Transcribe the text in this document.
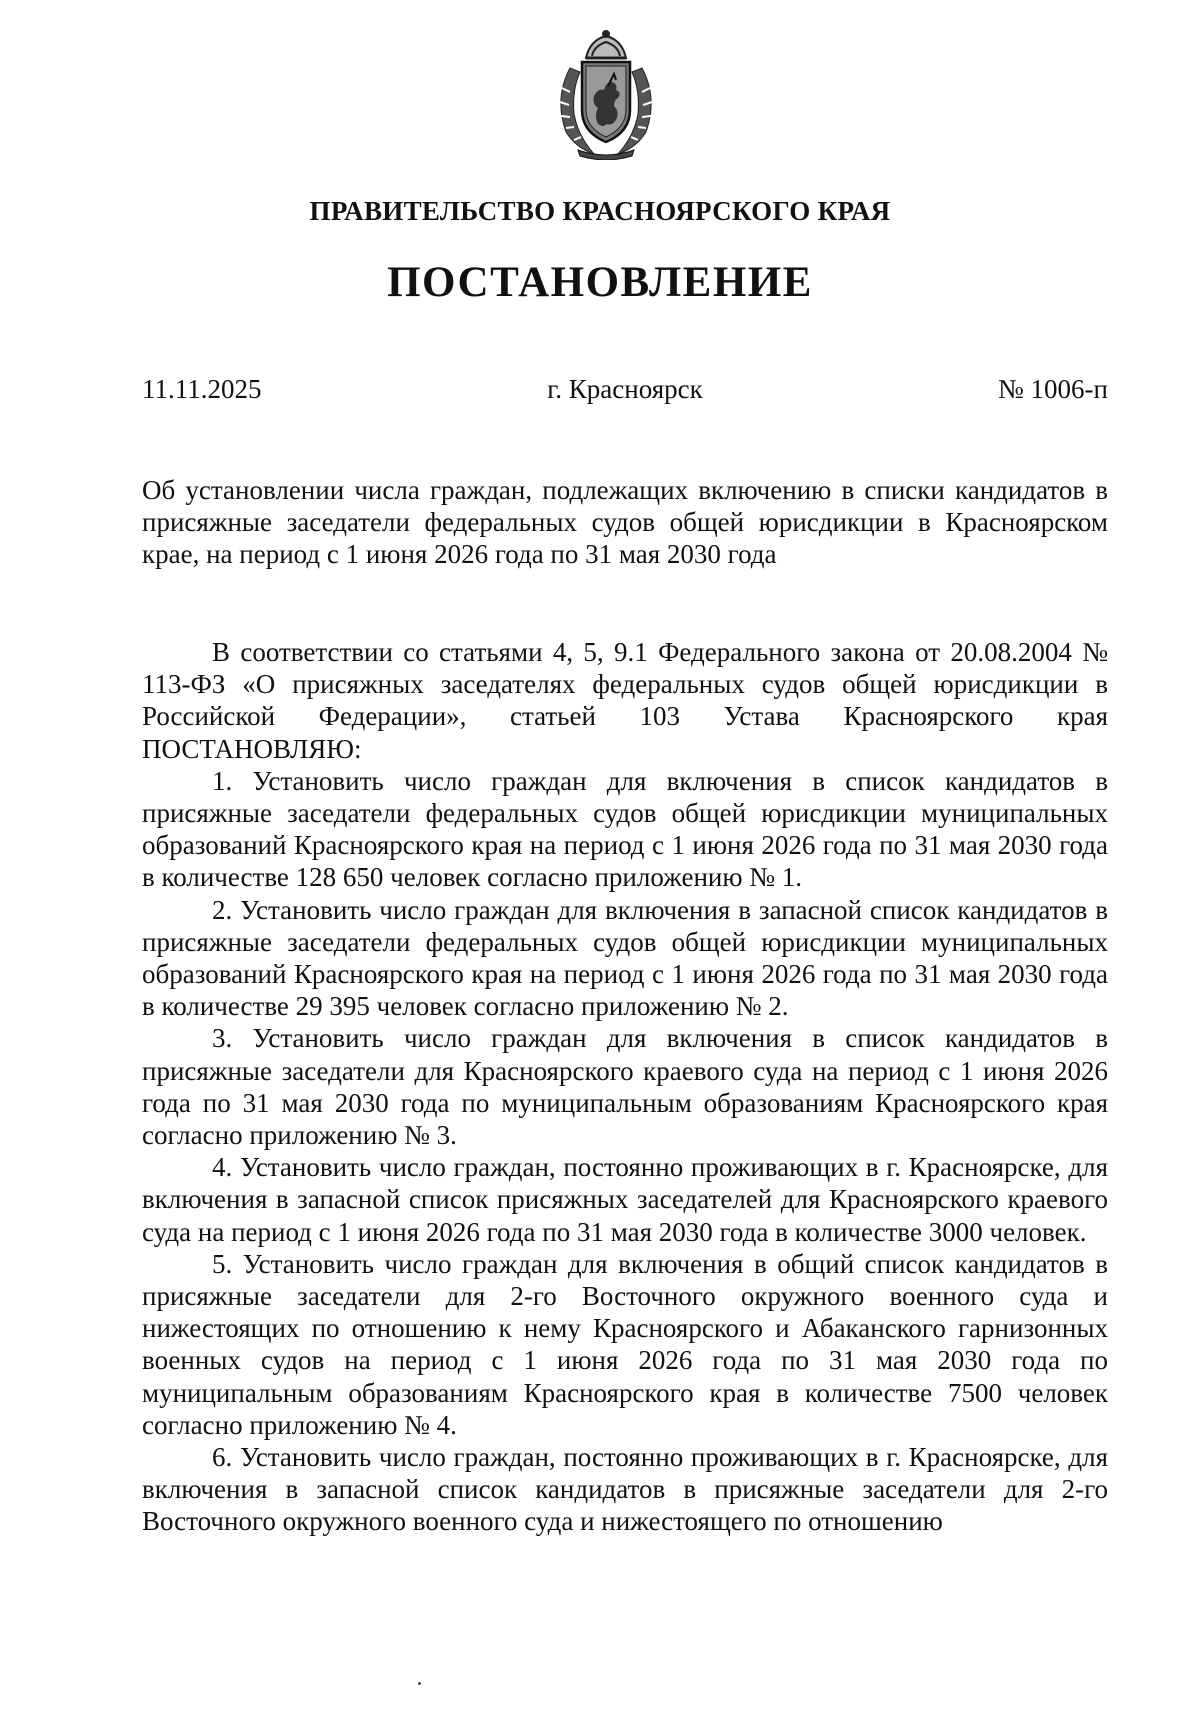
ПРАВИТЕЛЬСТВО КРАСНОЯРСКОГО КРАЯ
ПОСТАНОВЛЕНИЕ
11.11.2025	г. Красноярск	№ 1006-п
Об установлении числа граждан, подлежащих включению в списки кандидатов в присяжные заседатели федеральных судов общей юрисдикции в Красноярском крае, на период с 1 июня 2026 года по 31 мая 2030 года

В соответствии со статьями 4, 5, 9.1 Федерального закона от 20.08.2004 № 113-ФЗ «О присяжных заседателях федеральных судов общей юрисдикции в Российской Федерации», статьей 103 Устава Красноярского края ПОСТАНОВЛЯЮ:

1. Установить число граждан для включения в список кандидатов в присяжные заседатели федеральных судов общей юрисдикции муниципальных образований Красноярского края на период с 1 июня 2026 года по 31 мая 2030 года в количестве 128 650 человек согласно приложению № 1.

2. Установить число граждан для включения в запасной список кандидатов в присяжные заседатели федеральных судов общей юрисдикции муниципальных образований Красноярского края на период с 1 июня 2026 года по 31 мая 2030 года в количестве 29 395 человек согласно приложению № 2.

3. Установить число граждан для включения в список кандидатов в присяжные заседатели для Красноярского краевого суда на период с 1 июня 2026 года по 31 мая 2030 года по муниципальным образованиям Красноярского края согласно приложению № 3.

4. Установить число граждан, постоянно проживающих в г. Красноярске, для включения в запасной список присяжных заседателей для Красноярского краевого суда на период с 1 июня 2026 года по 31 мая 2030 года в количестве 3000 человек.

5. Установить число граждан для включения в общий список кандидатов в присяжные заседатели для 2-го Восточного окружного военного суда и нижестоящих по отношению к нему Красноярского и Абаканского гарнизонных военных судов на период с 1 июня 2026 года по 31 мая 2030 года по муниципальным образованиям Красноярского края в количестве 7500 человек согласно приложению № 4.

6. Установить число граждан, постоянно проживающих в г. Красноярске, для включения в запасной список кандидатов в присяжные заседатели для 2-го Восточного окружного военного суда и нижестоящего по отношению
